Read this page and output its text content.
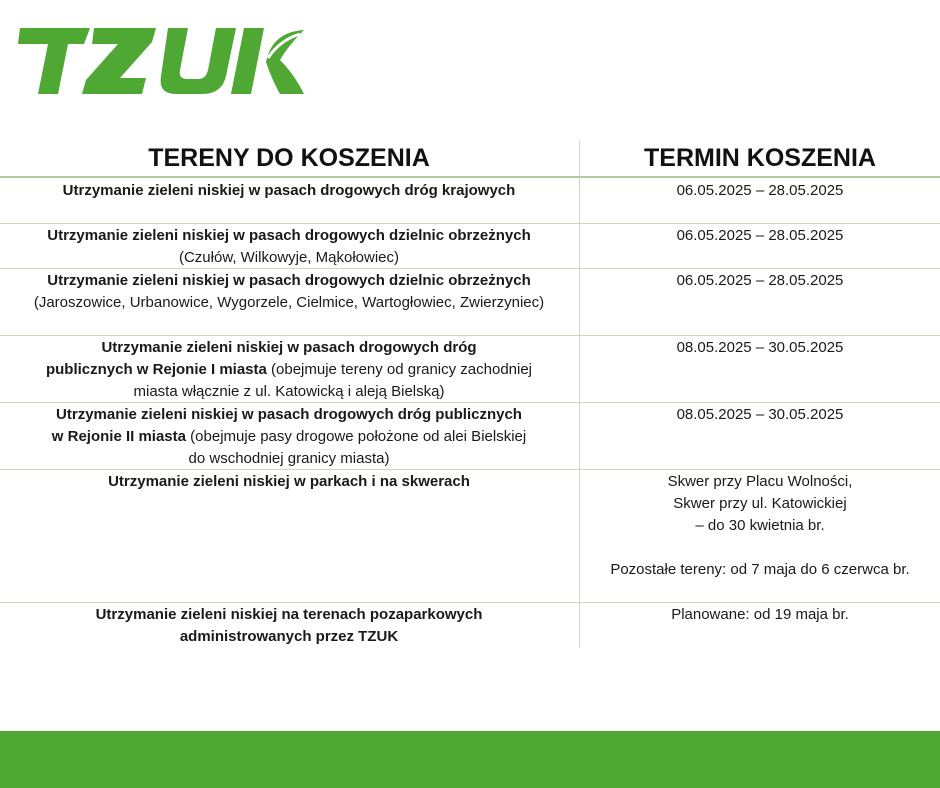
TERENY DO KOSZENIA	TERMIN KOSZENIA
Utrzymanie zieleni niskiej w pasach drogowych dróg krajowych	06.05.2025 – 28.05.2025
Utrzymanie zieleni niskiej w pasach drogowych dzielnic obrzeżnych
(Czułów, Wilkowyje, Mąkołowiec)
06.05.2025 – 28.05.2025
Utrzymanie zieleni niskiej w pasach drogowych dzielnic obrzeżnych
(Jaroszowice, Urbanowice, Wygorzele, Cielmice, Wartogłowiec, Zwierzyniec)
06.05.2025 – 28.05.2025
Utrzymanie zieleni niskiej w pasach drogowych dróg
publicznych w Rejonie I miasta (obejmuje tereny od granicy zachodniej
miasta włącznie z ul. Katowicką i aleją Bielską)
08.05.2025 – 30.05.2025
Utrzymanie zieleni niskiej w pasach drogowych dróg publicznych
w Rejonie II miasta (obejmuje pasy drogowe położone od alei Bielskiej
do wschodniej granicy miasta)
08.05.2025 – 30.05.2025
Utrzymanie zieleni niskiej w parkach i na skwerach	Skwer przy Placu Wolności,
Skwer przy ul. Katowickiej
– do 30 kwietnia br.
Pozostałe tereny: od 7 maja do 6 czerwca br.
Utrzymanie zieleni niskiej na terenach pozaparkowych
administrowanych przez TZUK
Planowane: od 19 maja br.
